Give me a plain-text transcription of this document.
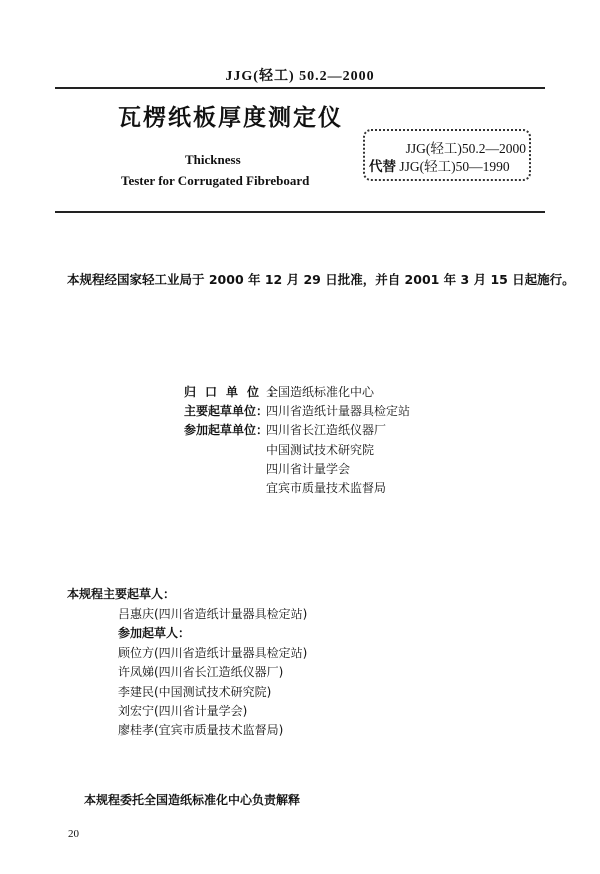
JJG(轻工) 50.2—2000
瓦楞纸板厚度测定仪
Thickness
Tester for Corrugated Fibreboard
JJG(轻工)50.2—2000
代替 JJG(轻工)50—1990
本规程经国家轻工业局于 2000 年 12 月 29 日批准，并自 2001 年 3 月 15 日起施行。
归口单位：全国造纸标准化中心
主要起草单位：四川省造纸计量器具检定站
参加起草单位：四川省长江造纸仪器厂
中国测试技术研究院
四川省计量学会
宜宾市质量技术监督局
本规程主要起草人：
吕惠庆(四川省造纸计量器具检定站)
参加起草人：
顾位方(四川省造纸计量器具检定站)
许凤娣(四川省长江造纸仪器厂)
李建民(中国测试技术研究院)
刘宏宁(四川省计量学会)
廖桂孝(宜宾市质量技术监督局)
本规程委托全国造纸标准化中心负责解释
20
